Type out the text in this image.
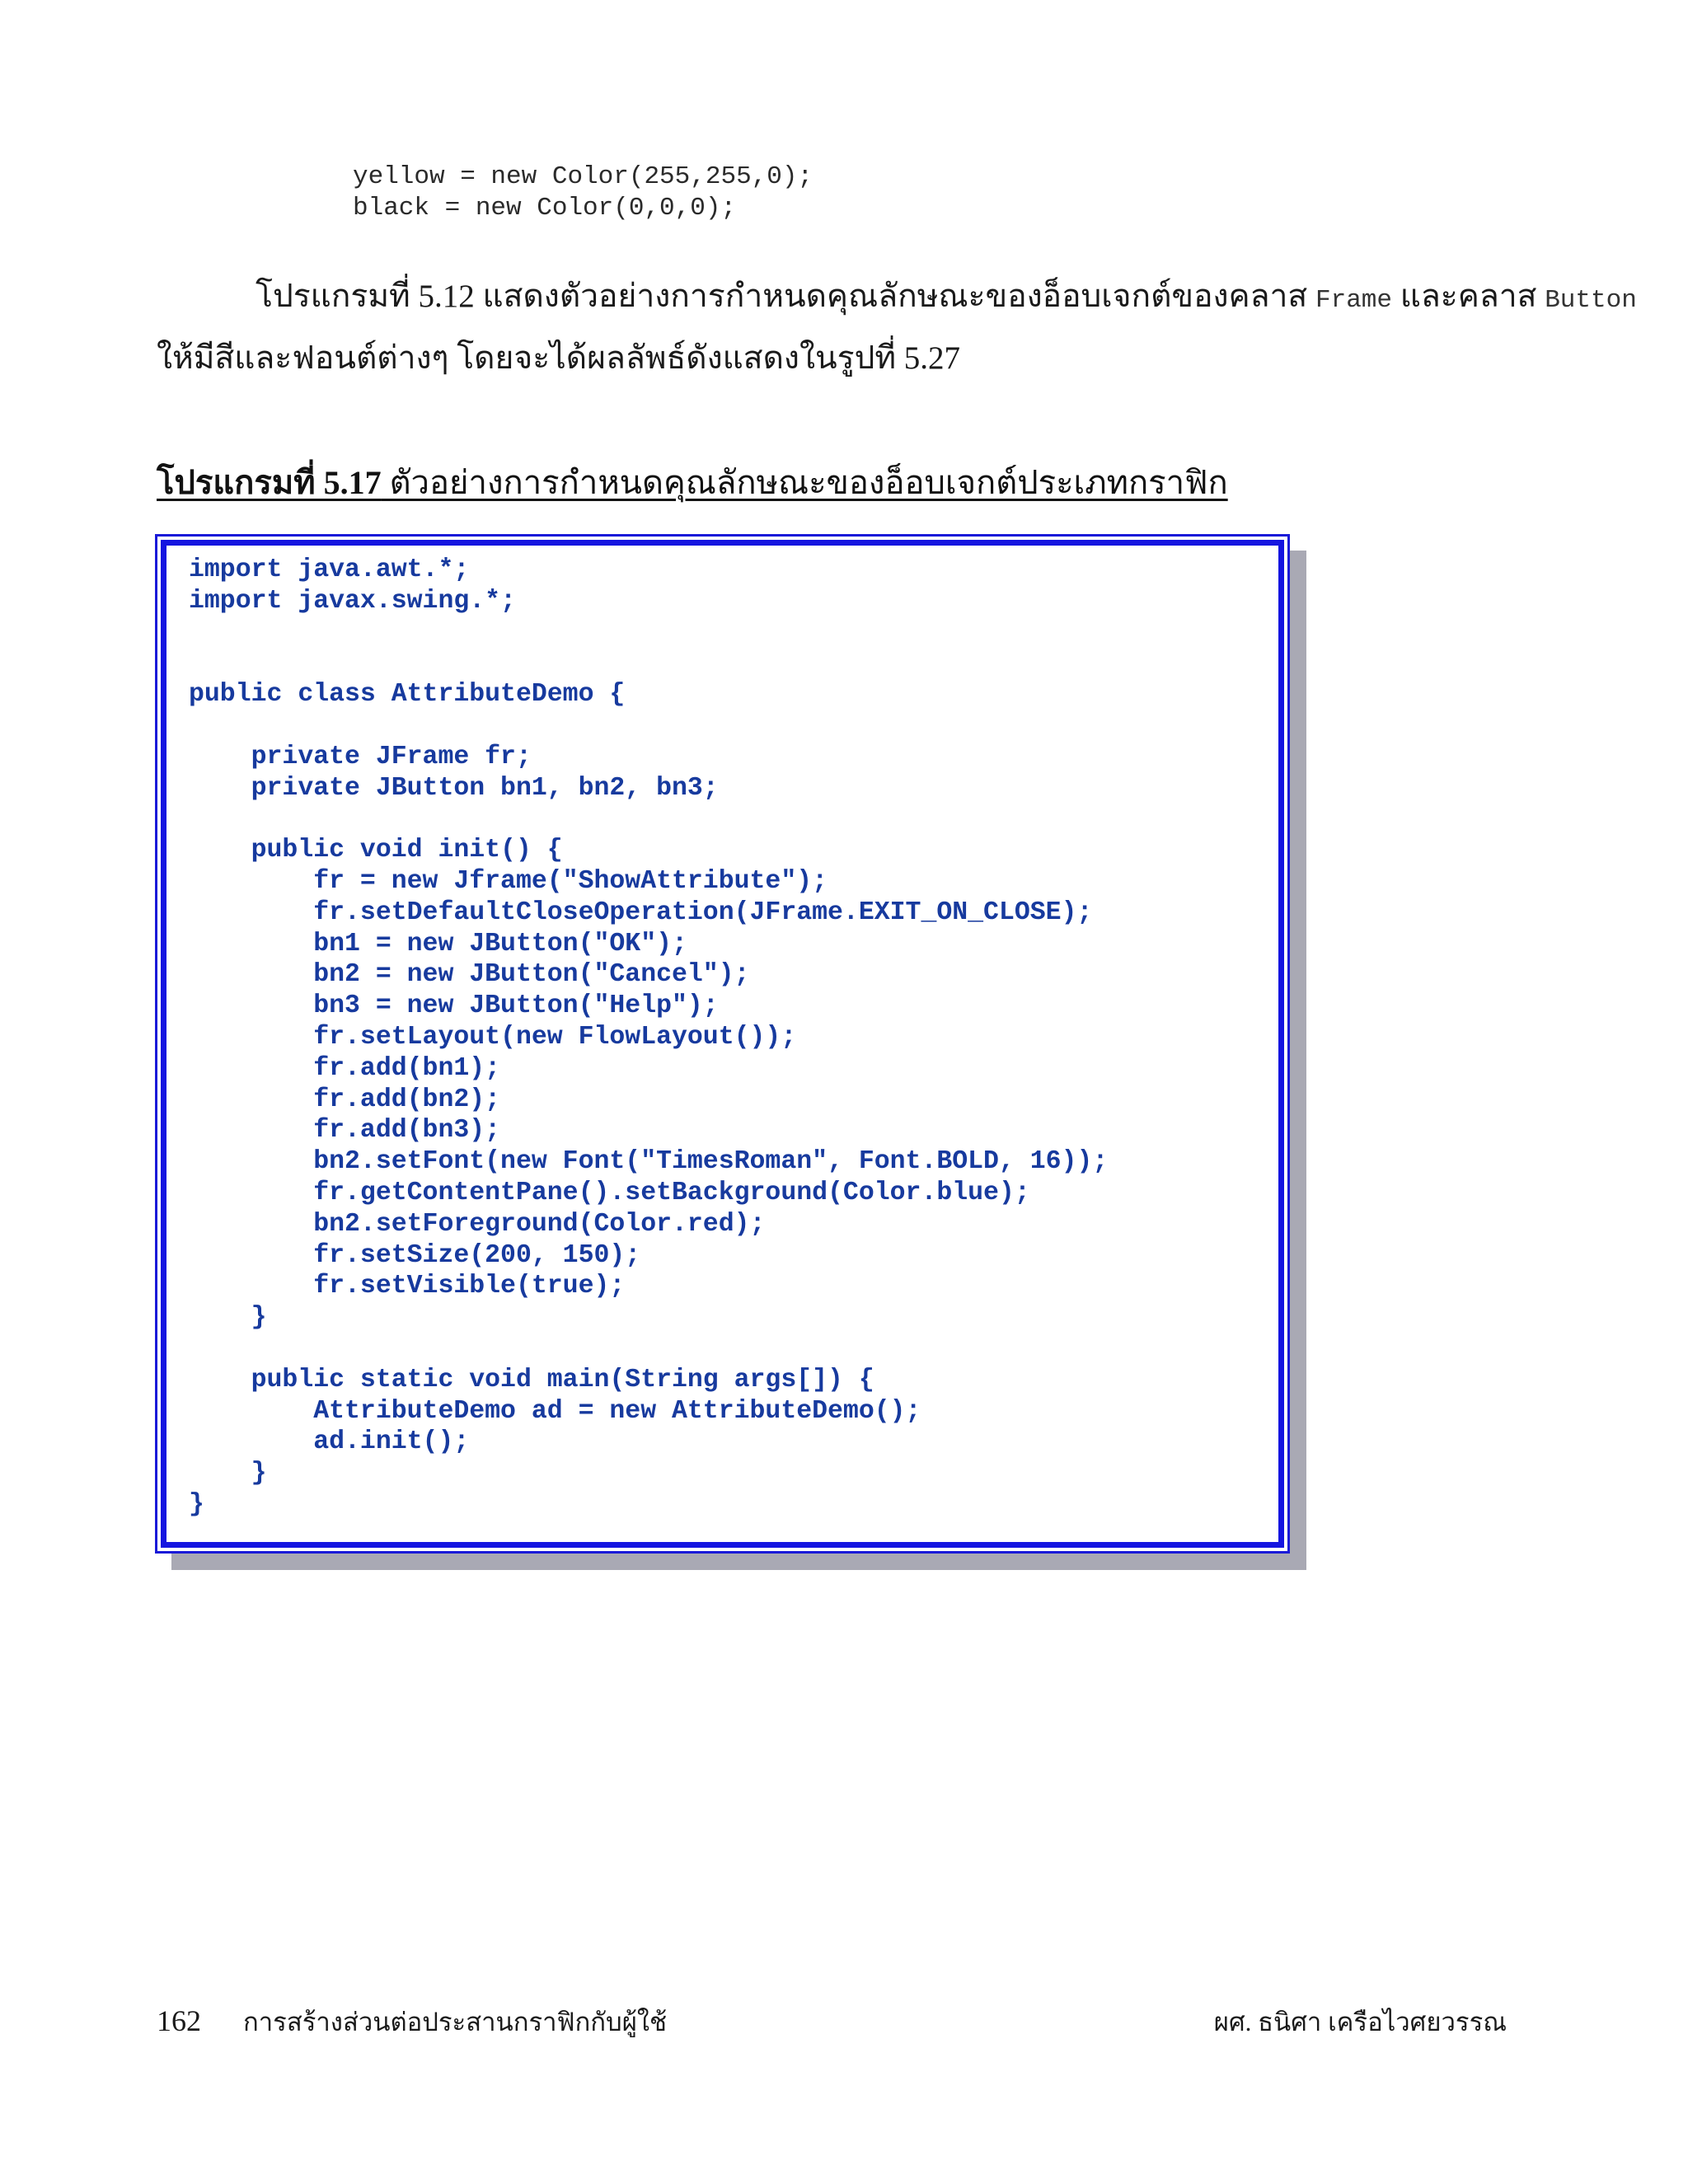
yellow = new Color(255,255,0);
black = new Color(0,0,0);
โปรแกรมที่ 5.12 แสดงตัวอย่างการกำหนดคุณลักษณะของอ็อบเจกต์ของคลาส Frame และคลาส Button
ให้มีสีและฟอนต์ต่างๆ โดยจะได้ผลลัพธ์ดังแสดงในรูปที่ 5.27
โปรแกรมที่ 5.17 ตัวอย่างการกำหนดคุณลักษณะของอ็อบเจกต์ประเภทกราฟิก
import java.awt.*;
import javax.swing.*;

public class AttributeDemo {

private JFrame fr;
private JButton bn1, bn2, bn3;

public void init() {
fr = new Jframe("ShowAttribute");
fr.setDefaultCloseOperation(JFrame.EXIT_ON_CLOSE);
bn1 = new JButton("OK");
bn2 = new JButton("Cancel");
bn3 = new JButton("Help");
fr.setLayout(new FlowLayout());
fr.add(bn1);
fr.add(bn2);
fr.add(bn3);
bn2.setFont(new Font("TimesRoman", Font.BOLD, 16));
fr.getContentPane().setBackground(Color.blue);
bn2.setForeground(Color.red);
fr.setSize(200, 150);
fr.setVisible(true);
}

public static void main(String args[]) {
AttributeDemo ad = new AttributeDemo();
ad.init();
}
}
162 การสร้างส่วนต่อประสานกราฟิกกับผู้ใช้	ผศ. ธนิศา เครือไวศยวรรณ
